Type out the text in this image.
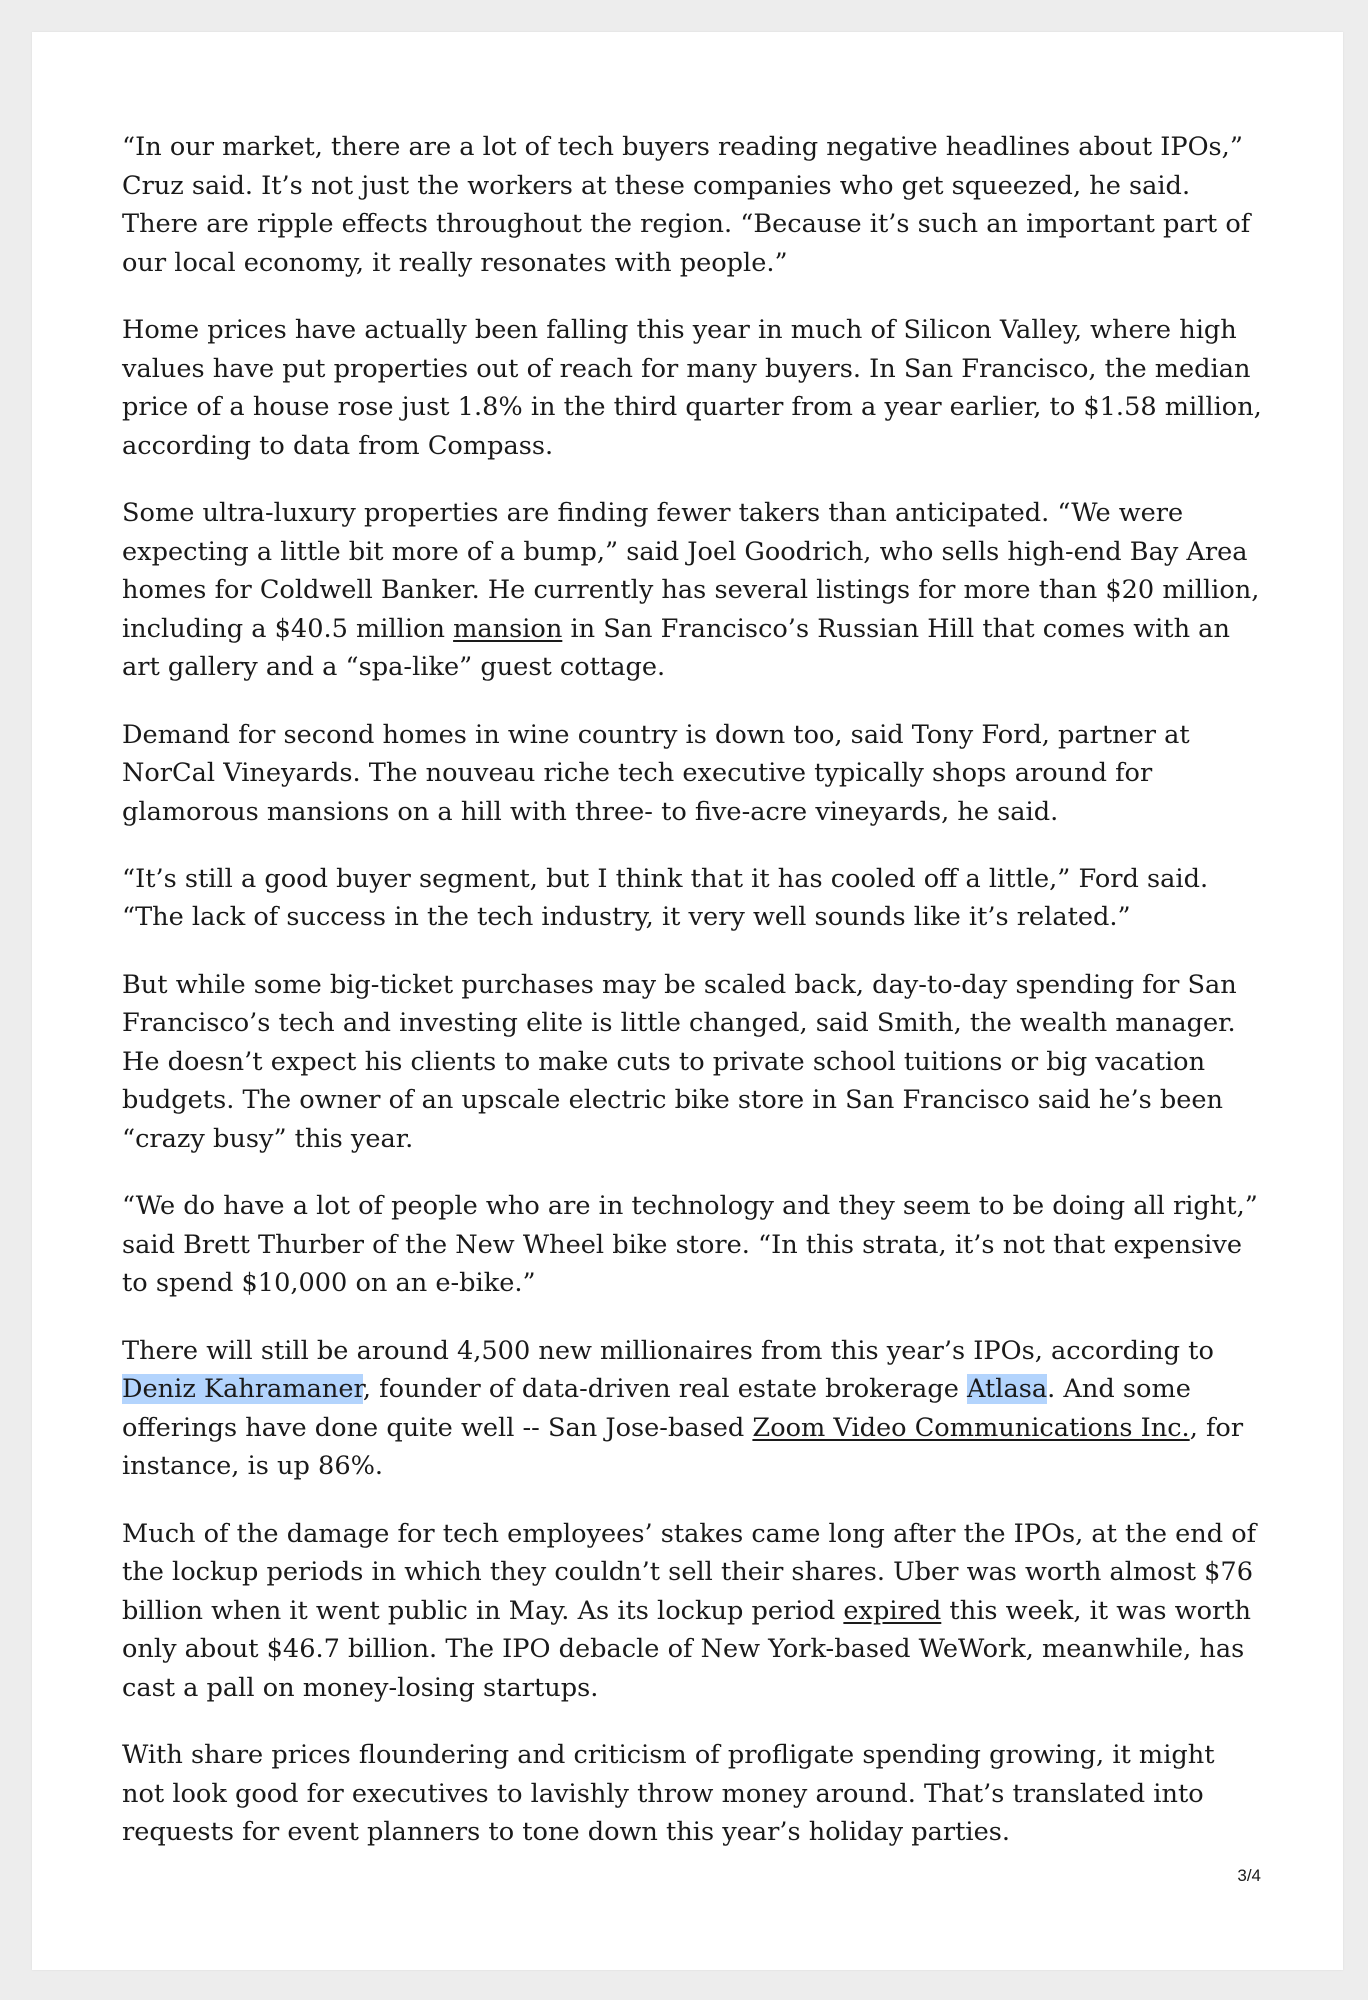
“In our market, there are a lot of tech buyers reading negative headlines about IPOs,” Cruz said. It’s not just the workers at these companies who get squeezed, he said. There are ripple effects throughout the region. “Because it’s such an important part of our local economy, it really resonates with people.”

Home prices have actually been falling this year in much of Silicon Valley, where high values have put properties out of reach for many buyers. In San Francisco, the median price of a house rose just 1.8% in the third quarter from a year earlier, to $1.58 million, according to data from Compass.

Some ultra-luxury properties are finding fewer takers than anticipated. “We were expecting a little bit more of a bump,” said Joel Goodrich, who sells high-end Bay Area homes for Coldwell Banker. He currently has several listings for more than $20 million, including a $40.5 million mansion in San Francisco’s Russian Hill that comes with an art gallery and a “spa-like” guest cottage.

Demand for second homes in wine country is down too, said Tony Ford, partner at NorCal Vineyards. The nouveau riche tech executive typically shops around for glamorous mansions on a hill with three- to five-acre vineyards, he said.

“It’s still a good buyer segment, but I think that it has cooled off a little,” Ford said. “The lack of success in the tech industry, it very well sounds like it’s related.”

But while some big-ticket purchases may be scaled back, day-to-day spending for San Francisco’s tech and investing elite is little changed, said Smith, the wealth manager. He doesn’t expect his clients to make cuts to private school tuitions or big vacation budgets. The owner of an upscale electric bike store in San Francisco said he’s been “crazy busy” this year.

“We do have a lot of people who are in technology and they seem to be doing all right,” said Brett Thurber of the New Wheel bike store. “In this strata, it’s not that expensive to spend $10,000 on an e-bike.”

There will still be around 4,500 new millionaires from this year’s IPOs, according to Deniz Kahramaner, founder of data-driven real estate brokerage Atlasa. And some offerings have done quite well -- San Jose-based Zoom Video Communications Inc., for instance, is up 86%.

Much of the damage for tech employees’ stakes came long after the IPOs, at the end of the lockup periods in which they couldn’t sell their shares. Uber was worth almost $76 billion when it went public in May. As its lockup period expired this week, it was worth only about $46.7 billion. The IPO debacle of New York-based WeWork, meanwhile, has cast a pall on money-losing startups.

With share prices floundering and criticism of profligate spending growing, it might not look good for executives to lavishly throw money around. That’s translated into requests for event planners to tone down this year’s holiday parties.

3/4
